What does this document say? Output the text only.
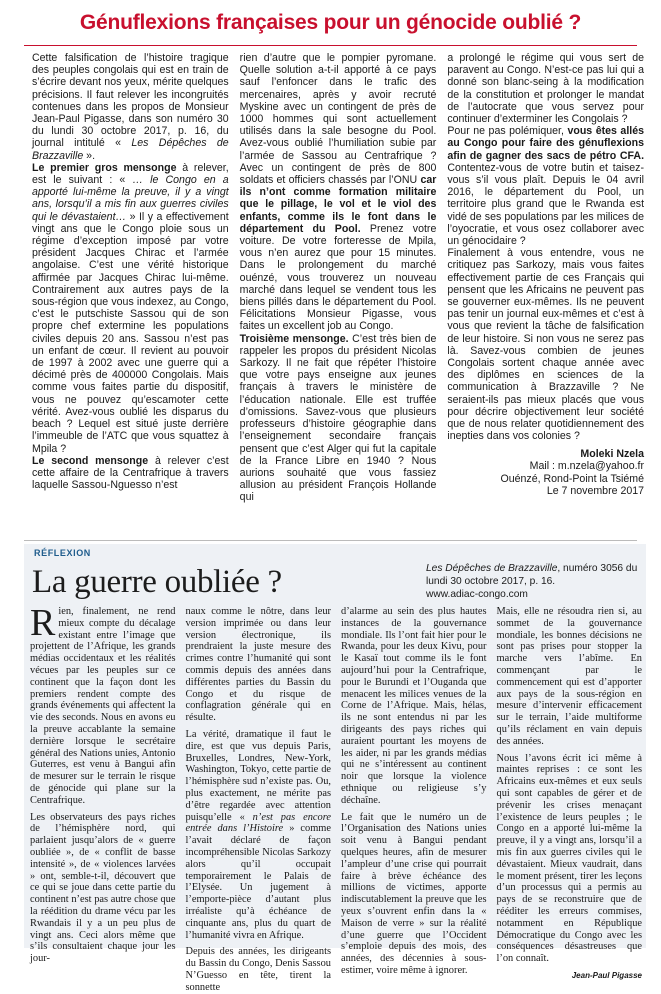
Génuflexions françaises pour un génocide oublié ?

Cette falsification de l’histoire tragique des peuples congolais qui est en train de s’écrire devant nos yeux, mérite quelques précisions. Il faut relever les incongruités contenues dans les propos de Monsieur Jean-Paul Pigasse, dans son numéro 30 du lundi 30 octobre 2017, p. 16, du journal intitulé « Les Dépêches de Brazzaville ».

Le premier gros mensonge à relever, est le suivant : « … le Congo en a apporté lui-même la preuve, il y a vingt ans, lorsqu’il a mis fin aux guerres civiles qui le dévastaient… » Il y a effectivement vingt ans que le Congo ploie sous un régime d’exception imposé par votre président Jacques Chirac et l’armée angolaise. C’est une vérité historique affirmée par Jacques Chirac lui-même. Contrairement aux autres pays de la sous-région que vous indexez, au Congo, c’est le putschiste Sassou qui de son propre chef extermine les populations civiles depuis 20 ans. Sassou n’est pas un enfant de cœur. Il revient au pouvoir de 1997 à 2002 avec une guerre qui a décimé près de 400000 Congolais. Mais comme vous faites partie du dispositif, vous ne pouvez qu’escamoter cette vérité. Avez-vous oublié les disparus du beach ? Lequel est situé juste derrière l’immeuble de l’ATC que vous squattez à Mpila ?

Le second mensonge à relever c’est cette affaire de la Centrafrique à travers laquelle Sassou-Nguesso n’est

rien d’autre que le pompier pyromane. Quelle solution a-t-il apporté à ce pays sauf l’enfoncer dans le trafic des mercenaires, après y avoir recruté Myskine avec un contingent de près de 1000 hommes qui sont actuellement utilisés dans la sale besogne du Pool. Avez-vous oublié l’humiliation subie par l’armée de Sassou au Centrafrique ? Avec un contingent de près de 800 soldats et officiers chassés par l’ONU car ils n’ont comme formation militaire que le pillage, le vol et le viol des enfants, comme ils le font dans le département du Pool. Prenez votre voiture. De votre forteresse de Mpila, vous n’en aurez que pour 15 minutes. Dans le prolongement du marché ouénzé, vous trouverez un nouveau marché dans lequel se vendent tous les biens pillés dans le département du Pool. Félicitations Monsieur Pigasse, vous faites un excellent job au Congo.

Troisième mensonge. C’est très bien de rappeler les propos du président Nicolas Sarkozy. Il ne fait que répéter l’histoire que votre pays enseigne aux jeunes français à travers le ministère de l’éducation nationale. Elle est truffée d’omissions. Savez-vous que plusieurs professeurs d’histoire géographie dans l’enseignement secondaire français pensent que c’est Alger qui fut la capitale de la France Libre en 1940 ? Nous aurions souhaité que vous fassiez allusion au président François Hollande qui

a prolongé le régime qui vous sert de paravent au Congo. N’est-ce pas lui qui a donné son blanc-seing à la modification de la constitution et prolonger le mandat de l’autocrate que vous servez pour continuer d’exterminer les Congolais ?

Pour ne pas polémiquer, vous êtes allés au Congo pour faire des génuflexions afin de gagner des sacs de pétro CFA. Contentez-vous de votre butin et taisez-vous s’il vous plaît. Depuis le 04 avril 2016, le département du Pool, un territoire plus grand que le Rwanda est vidé de ses populations par les milices de l’oyocratie, et vous osez collaborer avec un génocidaire ?

Finalement à vous entendre, vous ne critiquez pas Sarkozy, mais vous faites effectivement partie de ces Français qui pensent que les Africains ne peuvent pas se gouverner eux-mêmes. Ils ne peuvent pas tenir un journal eux-mêmes et c’est à vous que revient la tâche de falsification de leur histoire. Si non vous ne serez pas là. Savez-vous combien de jeunes Congolais sortent chaque année avec des diplômes en sciences de la communication à Brazzaville ? Ne seraient-ils pas mieux placés que vous pour décrire objectivement leur société que de nous relater quotidiennement des inepties dans vos colonies ?

Moleki Nzela
Mail : m.nzela@yahoo.fr
Ouénzé, Rond-Point la Tsiémé
Le 7 novembre 2017
RÉFLEXION
La guerre oubliée ?	Les Dépêches de Brazzaville, numéro 3056 du lundi 30 octobre 2017, p. 16.
www.adiac-congo.com

Rien, finalement, ne rend mieux compte du décalage existant entre l’image que projettent de l’Afrique, les grands médias occidentaux et les réalités vécues par les peuples sur ce continent que la façon dont les premiers rendent compte des grands événements qui affectent la vie des seconds. Nous en avons eu la preuve accablante la semaine dernière lorsque le secrétaire général des Nations unies, Antonio Guterres, est venu à Bangui afin de mesurer sur le terrain le risque de génocide qui plane sur la Centrafrique.

Les observateurs des pays riches de l’hémisphère nord, qui parlaient jusqu’alors de « guerre oubliée », de « conflit de basse intensité », de « violences larvées » ont, semble-t-il, découvert que ce qui se joue dans cette partie du continent n’est pas autre chose que la réédition du drame vécu par les Rwandais il y a un peu plus de vingt ans. Ceci alors même que s’ils consultaient chaque jour les jour-

naux comme le nôtre, dans leur version imprimée ou dans leur version électronique, ils prendraient la juste mesure des crimes contre l’humanité qui sont commis depuis des années dans différentes parties du Bassin du Congo et du risque de conflagration générale qui en résulte.

La vérité, dramatique il faut le dire, est que vus depuis Paris, Bruxelles, Londres, New-York, Washington, Tokyo, cette partie de l’hémisphère sud n’existe pas. Ou, plus exactement, ne mérite pas d’être regardée avec attention puisqu’elle « n’est pas encore entrée dans l’Histoire » comme l’avait déclaré de façon incompréhensible Nicolas Sarkozy alors qu’il occupait temporairement le Palais de l’Elysée. Un jugement à l’emporte-pièce d’autant plus irréaliste qu’à échéance de cinquante ans, plus du quart de l’humanité vivra en Afrique.

Depuis des années, les dirigeants du Bassin du Congo, Denis Sassou N’Guesso en tête, tirent la sonnette

d’alarme au sein des plus hautes instances de la gouvernance mondiale. Ils l’ont fait hier pour le Rwanda, pour les deux Kivu, pour le Kasaï tout comme ils le font aujourd’hui pour la Centrafrique, pour le Burundi et l’Ouganda que menacent les milices venues de la Corne de l’Afrique. Mais, hélas, ils ne sont entendus ni par les dirigeants des pays riches qui auraient pourtant les moyens de les aider, ni par les grands médias qui ne s’intéressent au continent noir que lorsque la violence ethnique ou religieuse s’y déchaîne.

Le fait que le numéro un de l’Organisation des Nations unies soit venu à Bangui pendant quelques heures, afin de mesurer l’ampleur d’une crise qui pourrait faire à brève échéance des millions de victimes, apporte indiscutablement la preuve que les yeux s’ouvrent enfin dans la « Maison de verre » sur la réalité d’une guerre que l’Occident s’emploie depuis des mois, des années, des décennies à sous-estimer, voire même à ignorer.

Mais, elle ne résoudra rien si, au sommet de la gouvernance mondiale, les bonnes décisions ne sont pas prises pour stopper la marche vers l’abîme. En commençant par le commencement qui est d’apporter aux pays de la sous-région en mesure d’intervenir efficacement sur le terrain, l’aide multiforme qu’ils réclament en vain depuis des années.

Nous l’avons écrit ici même à maintes reprises : ce sont les Africains eux-mêmes et eux seuls qui sont capables de gérer et de prévenir les crises menaçant l’existence de leurs peuples ; le Congo en a apporté lui-même la preuve, il y a vingt ans, lorsqu’il a mis fin aux guerres civiles qui le dévastaient. Mieux vaudrait, dans le moment présent, tirer les leçons d’un processus qui a permis au pays de se reconstruire que de rééditer les erreurs commises, notamment en République Démocratique du Congo avec les conséquences désastreuses que l’on connaît.

Jean-Paul Pigasse
